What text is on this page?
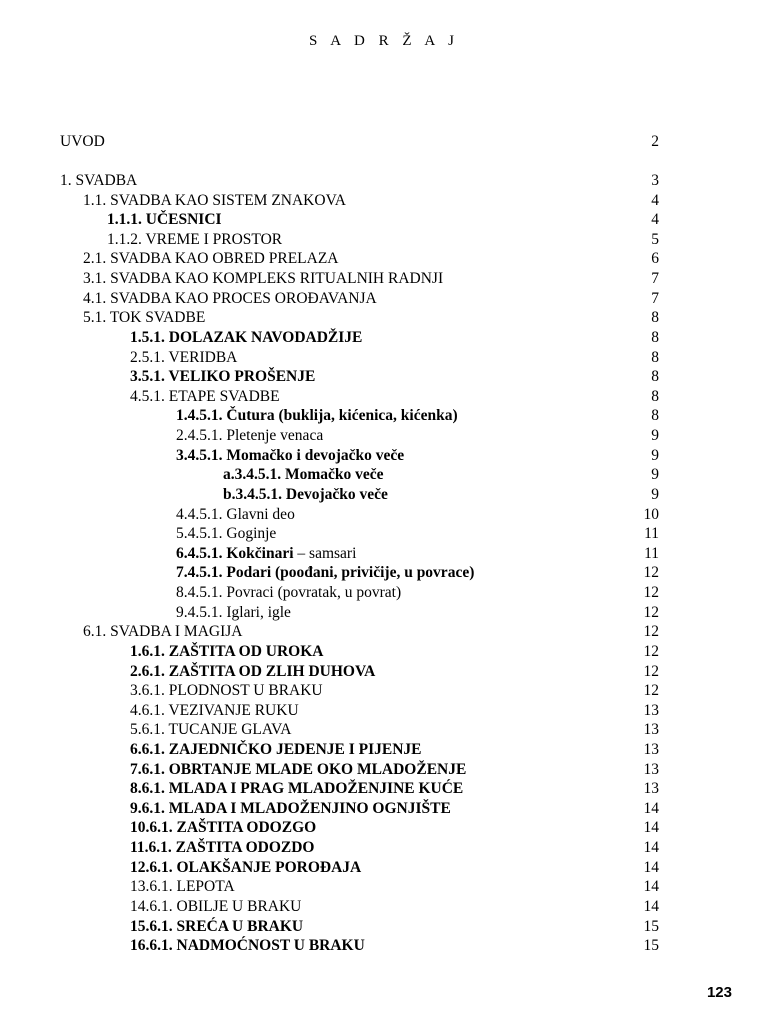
S A D R Ž A J
UVOD	2
1. SVADBA	3
1.1. SVADBA KAO SISTEM ZNAKOVA	4
1.1.1. UČESNICI	4
1.1.2. VREME I PROSTOR	5
2.1. SVADBA KAO OBRED PRELAZA	6
3.1. SVADBA KAO KOMPLEKS RITUALNIH RADNJI	7
4.1. SVADBA KAO PROCES OROĐAVANJA	7
5.1. TOK SVADBE	8
1.5.1. DOLAZAK NAVODADŽIJE	8
2.5.1. VERIDBA	8
3.5.1. VELIKO PROŠENJE	8
4.5.1. ETAPE SVADBE	8
1.4.5.1. Čutura (buklija, kićenica, kićenka)	8
2.4.5.1. Pletenje venaca	9
3.4.5.1. Momačko i devojačko veče	9
a.3.4.5.1. Momačko veče	9
b.3.4.5.1. Devojačko veče	9
4.4.5.1. Glavni deo	10
5.4.5.1. Goginje	11
6.4.5.1. Kokčinari – samsari	11
7.4.5.1. Podari (poođani, privičije, u povrace)	12
8.4.5.1. Povraci (povratak, u povrat)	12
9.4.5.1. Iglari, igle	12
6.1. SVADBA I MAGIJA	12
1.6.1. ZAŠTITA OD UROKA	12
2.6.1. ZAŠTITA OD ZLIH DUHOVA	12
3.6.1. PLODNOST U BRAKU	12
4.6.1. VEZIVANJE RUKU	13
5.6.1. TUCANJE GLAVA	13
6.6.1. ZAJEDNIČKO JEDENJE I PIJENJE	13
7.6.1. OBRTANJE MLADE OKO MLADOŽENJE	13
8.6.1. MLADA I PRAG MLADOŽENJINE KUĆE	13
9.6.1. MLADA I MLADOŽENJINO OGNJIŠTE	14
10.6.1. ZAŠTITA ODOZGO	14
11.6.1. ZAŠTITA ODOZDO	14
12.6.1. OLAKŠANJE POROĐAJA	14
13.6.1. LEPOTA	14
14.6.1. OBILJE U BRAKU	14
15.6.1. SREĆA U BRAKU	15
16.6.1. NADMOĆNOST U BRAKU	15
123
